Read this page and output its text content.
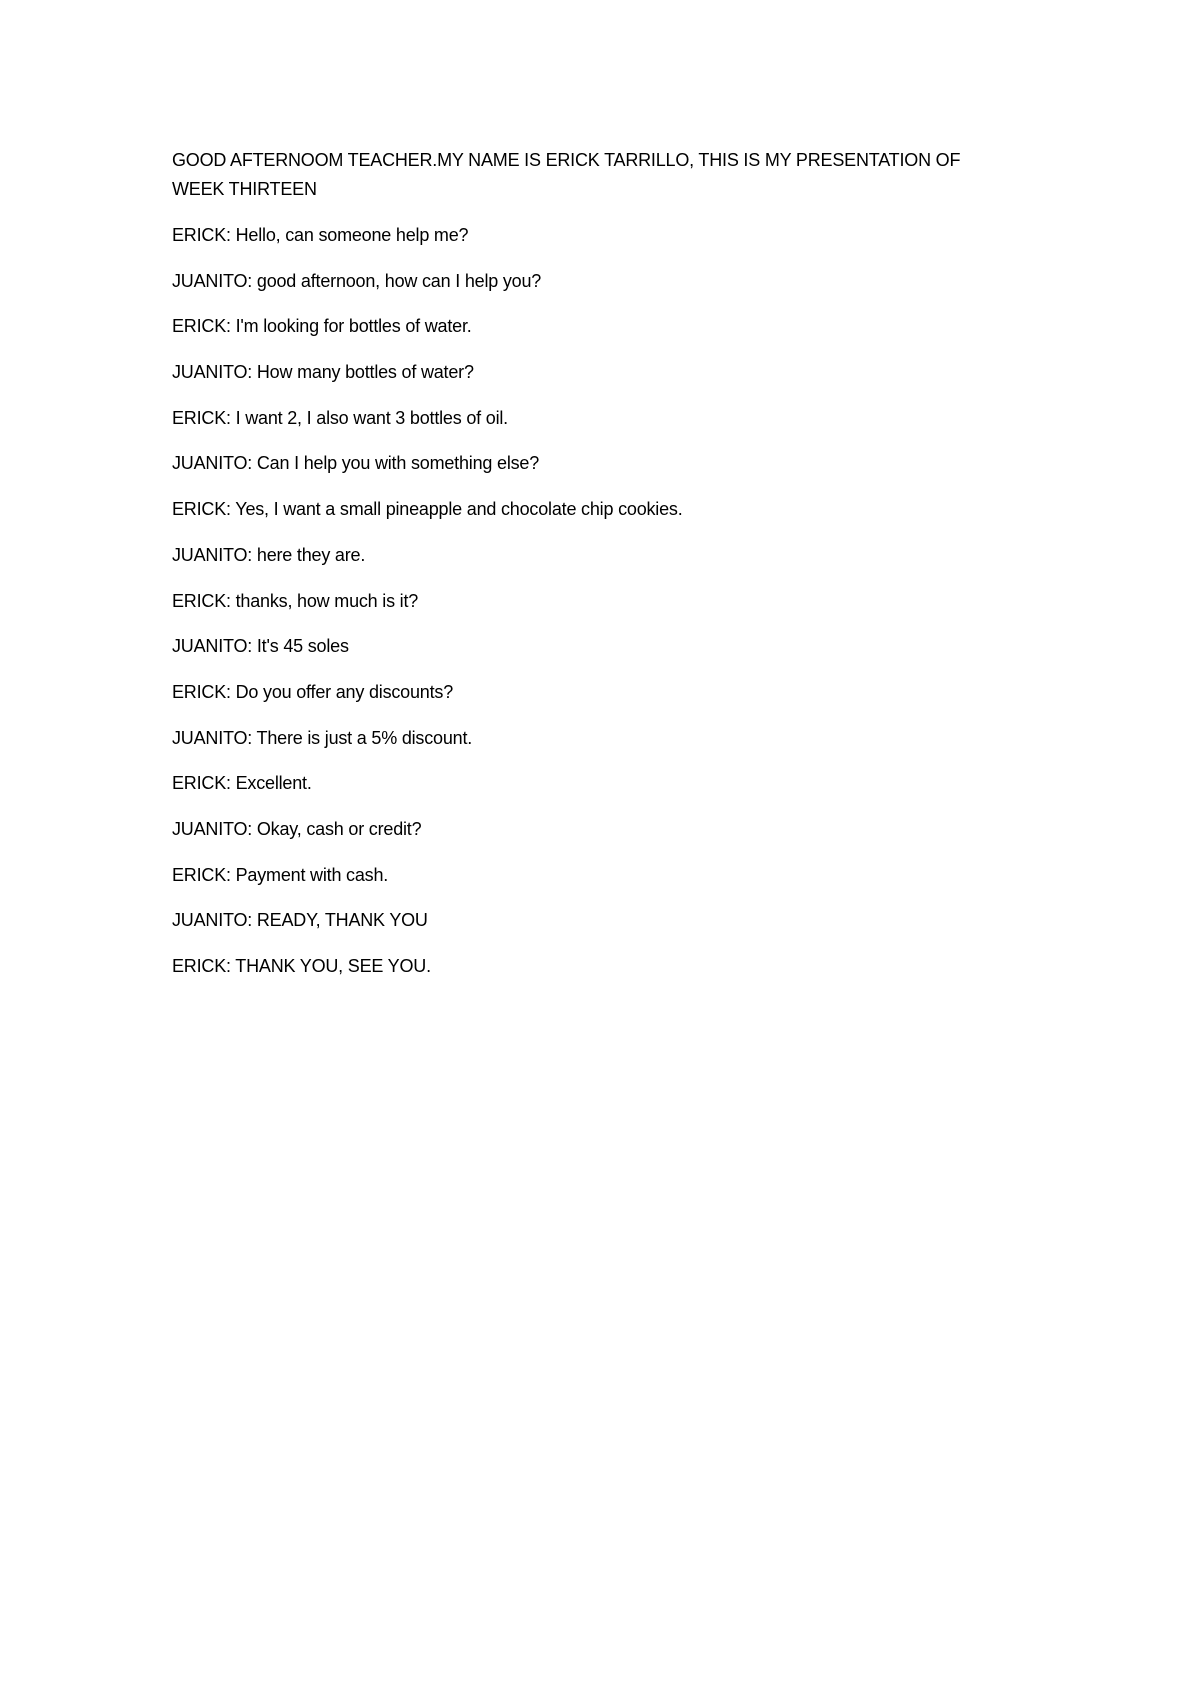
GOOD AFTERNOOM TEACHER.MY NAME IS ERICK TARRILLO, THIS IS MY PRESENTATION OF WEEK THIRTEEN

ERICK: Hello, can someone help me?
JUANITO: good afternoon, how can I help you?
ERICK: I'm looking for bottles of water.
JUANITO: How many bottles of water?
ERICK: I want 2, I also want 3 bottles of oil.
JUANITO: Can I help you with something else?
ERICK: Yes, I want a small pineapple and chocolate chip cookies.
JUANITO: here they are.
ERICK: thanks, how much is it?
JUANITO: It's 45 soles
ERICK: Do you offer any discounts?
JUANITO: There is just a 5% discount.
ERICK: Excellent.
JUANITO: Okay, cash or credit?
ERICK: Payment with cash.
JUANITO: READY, THANK YOU
ERICK: THANK YOU, SEE YOU.
